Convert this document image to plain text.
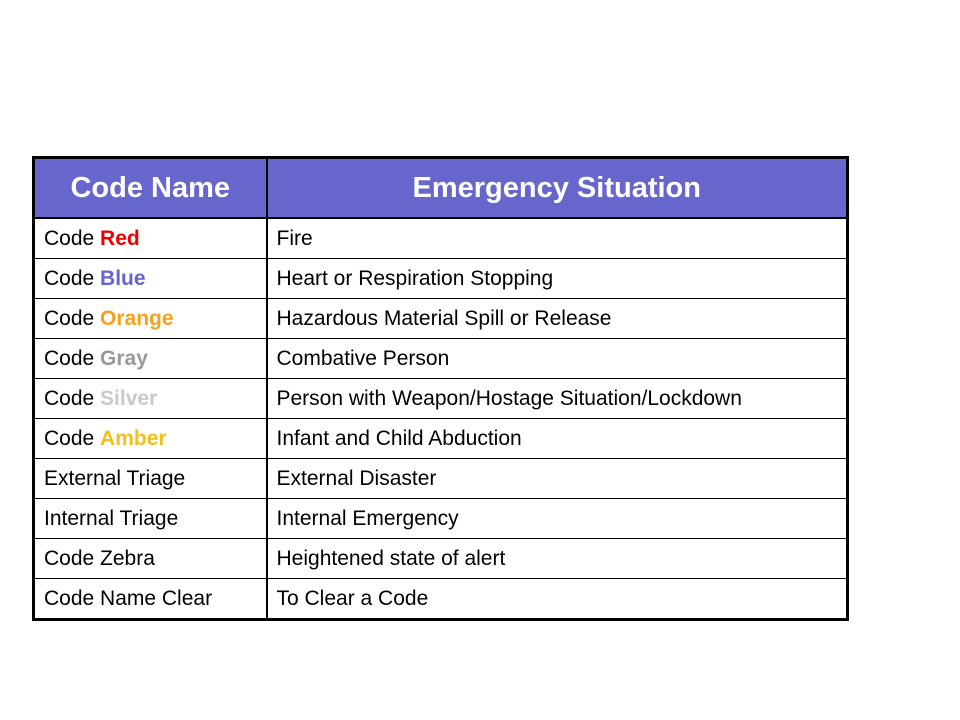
Code Name	Emergency Situation
Code Red	Fire
Code Blue	Heart or Respiration Stopping
Code Orange	Hazardous Material Spill or Release
Code Gray	Combative Person
Code Silver	Person with Weapon/Hostage Situation/Lockdown
Code Amber	Infant and Child Abduction
External Triage	External Disaster
Internal Triage	Internal Emergency
Code Zebra	Heightened state of alert
Code Name Clear	To Clear a Code
